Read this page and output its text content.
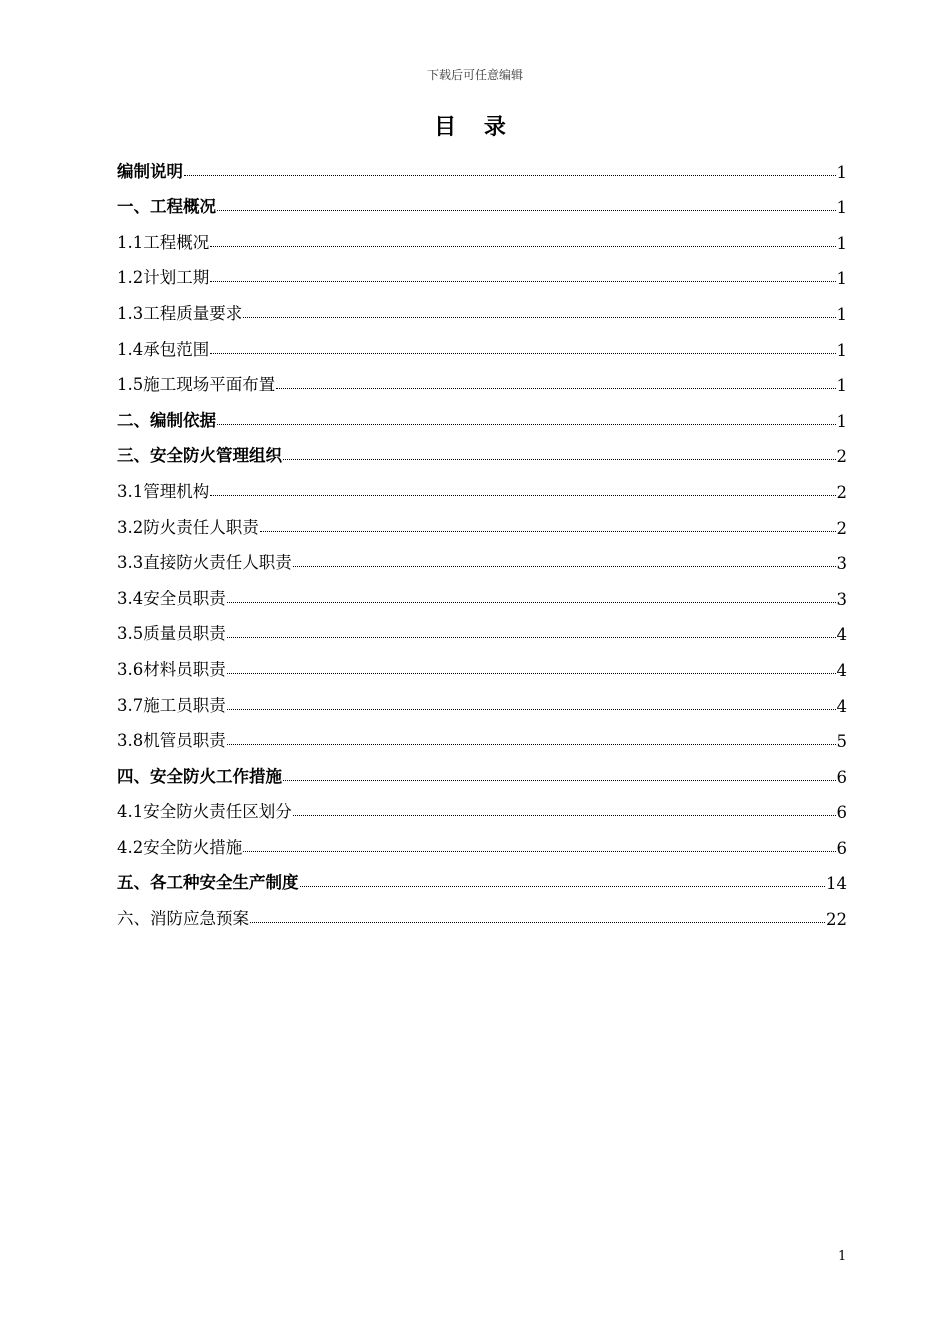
下载后可任意编辑
目 录
编制说明	1
一、工程概况	1
1.1工程概况	1
1.2计划工期	1
1.3工程质量要求	1
1.4承包范围	1
1.5施工现场平面布置	1
二、编制依据	1
三、安全防火管理组织	2
3.1管理机构	2
3.2防火责任人职责	2
3.3直接防火责任人职责	3
3.4安全员职责	3
3.5质量员职责	4
3.6材料员职责	4
3.7施工员职责	4
3.8机管员职责	5
四、安全防火工作措施	6
4.1安全防火责任区划分	6
4.2安全防火措施	6
五、各工种安全生产制度	14
六、消防应急预案	22
1
